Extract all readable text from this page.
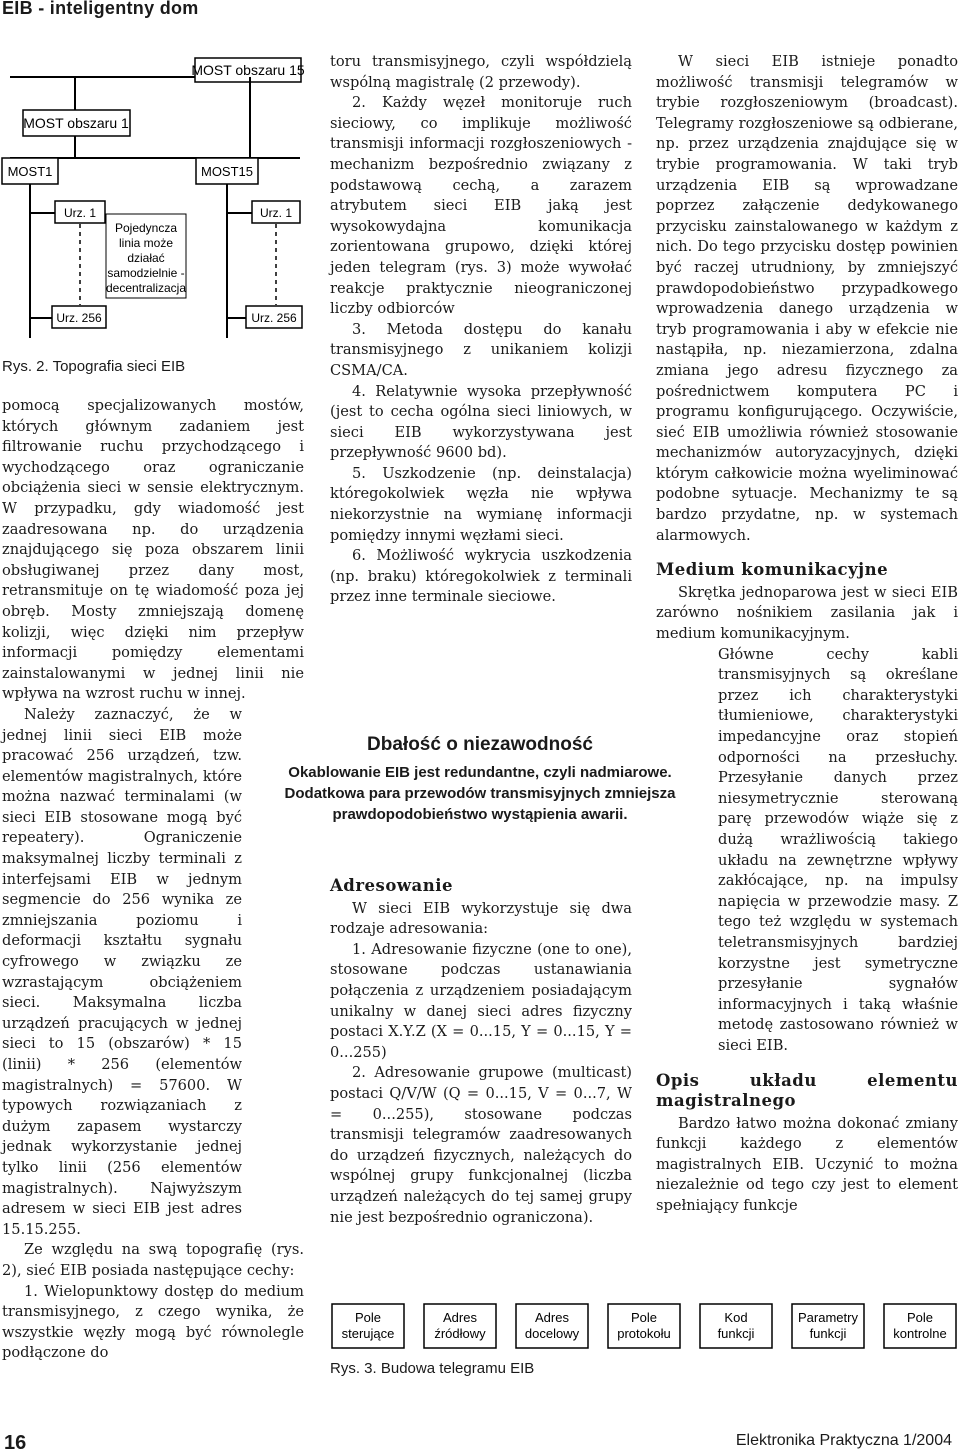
EIB - inteligentny dom
MOST obszaru 15
MOST obszaru 1
MOST1	MOST15
Urz. 1
Urz. 256
Pojedyncza
linia może
działać
samodzielnie -
decentralizacja
Urz. 1
Urz. 256
Rys. 2. Topografia sieci EIB

pomocą specjalizowanych mostów, których głównym zadaniem jest filtrowanie ruchu przychodzącego i wychodzącego oraz ograniczanie obciążenia sieci w sensie elektrycznym. W przypadku, gdy wiadomość jest zaadresowana np. do urządzenia znajdującego się poza obszarem linii obsługiwanej przez dany most, retransmituje on tę wiadomość poza jej obręb. Mosty zmniejszają domenę kolizji, więc dzięki nim przepływ informacji pomiędzy elementami zainstalowanymi w jednej linii nie wpływa na wzrost ruchu w innej.

Należy zaznaczyć, że w jednej linii sieci EIB może pracować 256 urządzeń, tzw. elementów magistralnych, które można nazwać terminalami (w sieci EIB stosowane mogą być repeatery). Ograniczenie maksymalnej liczby terminali z interfejsami EIB w jednym segmencie do 256 wynika ze zmniejszania poziomu i deformacji kształtu sygnału cyfrowego w związku ze wzrastającym obciążeniem sieci. Maksymalna liczba urządzeń pracujących w jednej sieci to 15 (obszarów) * 15 (linii) * 256 (elementów magistralnych) = 57600. W typowych rozwiązaniach z dużym zapasem wystarczy jednak wykorzystanie jednej tylko linii (256 elementów magistralnych). Najwyższym adresem w sieci EIB jest adres 15.15.255.

Ze względu na swą topografię (rys. 2), sieć EIB posiada następujące cechy:

1. Wielopunktowy dostęp do medium transmisyjnego, z czego wynika, że wszystkie węzły mogą być równolegle podłączone do

toru transmisyjnego, czyli współdzielą wspólną magistralę (2 przewody).

2. Każdy węzeł monitoruje ruch sieciowy, co implikuje możliwość transmisji informacji rozgłoszeniowych - mechanizm bezpośrednio związany z podstawową cechą, a zarazem atrybutem sieci EIB jaką jest wysokowydajna komunikacja zorientowana grupowo, dzięki której jeden telegram (rys. 3) może wywołać reakcje praktycznie nieograniczonej liczby odbiorców

3. Metoda dostępu do kanału transmisyjnego z unikaniem kolizji CSMA/CA.

4. Relatywnie wysoka przepływność (jest to cecha ogólna sieci liniowych, w sieci EIB wykorzystywana jest przepływność 9600 bd).

5. Uszkodzenie (np. deinstalacja) któregokolwiek węzła nie wpływa niekorzystnie na wymianę informacji pomiędzy innymi węzłami sieci.

6. Możliwość wykrycia uszkodzenia (np. braku) któregokolwiek z terminali przez inne terminale sieciowe.

Adresowanie

W sieci EIB wykorzystuje się dwa rodzaje adresowania:

1. Adresowanie fizyczne (one to one), stosowane podczas ustanawiania połączenia z urządzeniem posiadającym unikalny w danej sieci adres fizyczny postaci X.Y.Z (X = 0...15, Y = 0...15, Y = 0...255)

2. Adresowanie grupowe (multicast) postaci Q/V/W (Q = 0...15, V = 0...7, W = 0...255), stosowane podczas transmisji telegramów zaadresowanych do urządzeń fizycznych, należących do wspólnej grupy funkcjonalnej (liczba urządzeń należących do tej samej grupy nie jest bezpośrednio ograniczona).

W sieci EIB istnieje ponadto możliwość transmisji telegramów w trybie rozgłoszeniowym (broadcast). Telegramy rozgłoszeniowe są odbierane, np. przez urządzenia znajdujące się w trybie programowania. W taki tryb urządzenia EIB są wprowadzane poprzez załączenie dedykowanego przycisku zainstalowanego w każdym z nich. Do tego przycisku dostęp powinien być raczej utrudniony, by zmniejszyć prawdopodobieństwo przypadkowego wprowadzenia danego urządzenia w tryb programowania i aby w efekcie nie nastąpiła, np. niezamierzona, zdalna zmiana jego adresu fizycznego za pośrednictwem komputera PC i programu konfigurującego. Oczywiście, sieć EIB umożliwia również stosowanie mechanizmów autoryzacyjnych, dzięki którym całkowicie można wyeliminować podobne sytuacje. Mechanizmy te są bardzo przydatne, np. w systemach alarmowych.

Medium komunikacyjne

Skrętka jednoparowa jest w sieci EIB zarówno nośnikiem zasilania jak i medium komunikacyjnym.

Główne cechy kabli transmisyjnych są określane przez ich charakterystyki tłumieniowe, charakterystyki impedancyjne oraz stopień odporności na przesłuchy. Przesyłanie danych przez niesymetrycznie sterowaną parę przewodów wiąże się z dużą wrażliwością takiego układu na zewnętrzne wpływy zakłócające, np. na impulsy napięcia w przewodzie masy. Z tego też względu w systemach teletransmisyjnych bardziej korzystne jest symetryczne przesyłanie sygnałów informacyjnych i taką właśnie metodę zastosowano również w sieci EIB.

Opis układu elementu magistralnego

Bardzo łatwo można dokonać zmiany funkcji każdego z elementów magistralnych EIB. Uczynić to można niezależnie od tego czy jest to element spełniający funkcje

Dbałość o niezawodność
Okablowanie EIB jest redundantne, czyli nadmiarowe. Dodatkowa para przewodów transmisyjnych zmniejsza prawdopodobieństwo wystąpienia awarii.
Pole
sterujące
Adres
źródłowy
Adres
docelowy
Pole
protokołu
Kod
funkcji
Parametry
funkcji
Pole
kontrolne
Rys. 3. Budowa telegramu EIB
16	Elektronika Praktyczna 1/2004
